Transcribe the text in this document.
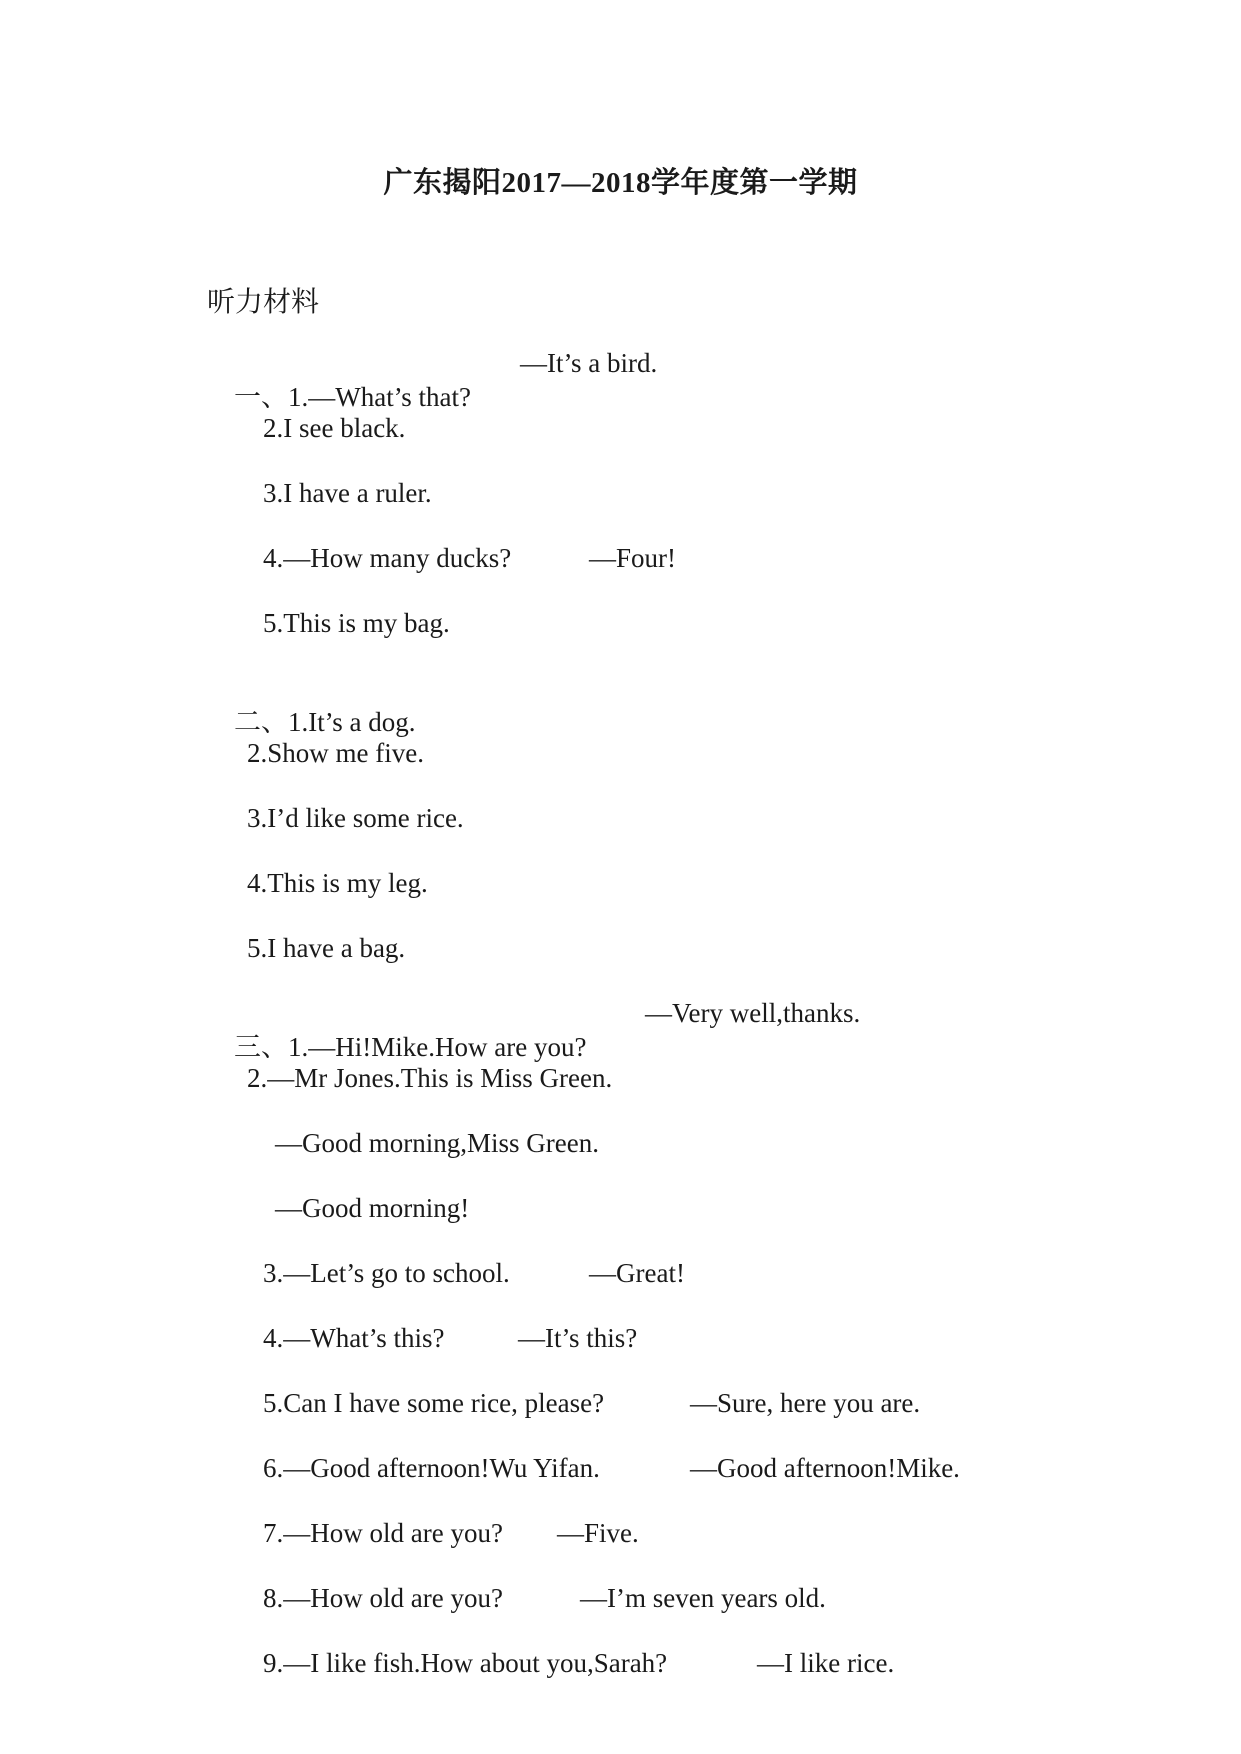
广东揭阳2017—2018学年度第一学期
听力材料

一、1.—What’s that?

—It’s a bird.
2.I see black.
3.I have a ruler.
4.—How many ducks?	—Four!
5.This is my bag.

二、1.It’s a dog.

2.Show me five.
3.I’d like some rice.
4.This is my leg.
5.I have a bag.

三、1.—Hi!Mike.How are you?

—Very well,thanks.
2.—Mr Jones.This is Miss Green.
—Good morning,Miss Green.
—Good morning!
3.—Let’s go to school.	—Great!
4.—What’s this?	—It’s this?
5.Can I have some rice, please?	—Sure, here you are.
6.—Good afternoon!Wu Yifan.	—Good afternoon!Mike.
7.—How old are you? —Five.
8.—How old are you?	—I’m seven years old.
9.—I like fish.How about you,Sarah?	—I like rice.
